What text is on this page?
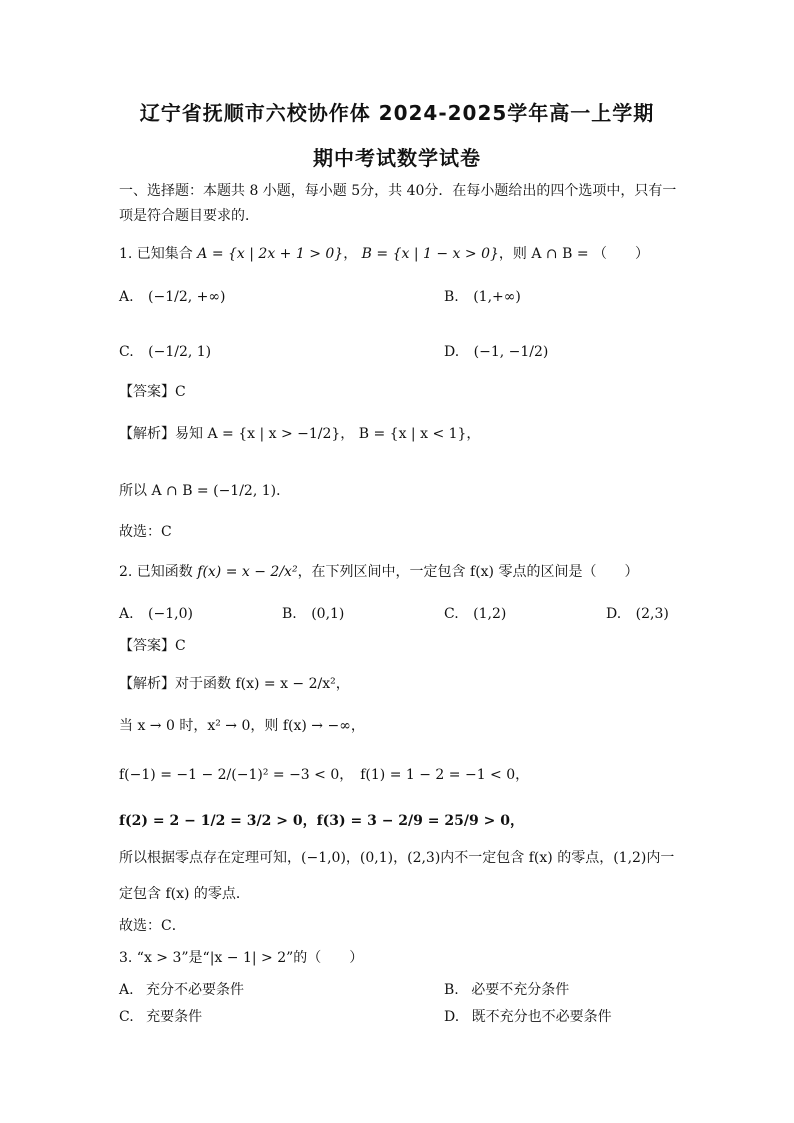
辽宁省抚顺市六校协作体 2024-2025学年高一上学期
期中考试数学试卷
一、选择题：本题共 8 小题，每小题 5分，共 40分．在每小题给出的四个选项中，只有一
项是符合题目要求的．
1. 已知集合 A = {x | 2x + 1 > 0}， B = {x | 1 − x > 0}，则 A ∩ B = （　　）
A. (−1/2, +∞)	B. (1,+∞)
C. (−1/2, 1)	D. (−1, −1/2)
【答案】C
【解析】易知 A = {x | x > −1/2}， B = {x | x < 1}，
所以 A ∩ B = (−1/2, 1)．
故选：C
2. 已知函数 f(x) = x − 2/x²，在下列区间中，一定包含 f(x) 零点的区间是（　　）
A. (−1,0)	B. (0,1)	C. (1,2)	D. (2,3)
【答案】C
【解析】对于函数 f(x) = x − 2/x²，
当 x → 0 时，x² → 0，则 f(x) → −∞，
f(−1) = −1 − 2/(−1)² = −3 < 0，　f(1) = 1 − 2 = −1 < 0，
f(2) = 2 − 1/2 = 3/2 > 0，f(3) = 3 − 2/9 = 25/9 > 0，
所以根据零点存在定理可知，(−1,0)，(0,1)，(2,3)内不一定包含 f(x) 的零点，(1,2)内一
定包含 f(x) 的零点．
故选：C．
3. “x > 3”是“|x − 1| > 2”的（　　）
A. 充分不必要条件	B. 必要不充分条件
C. 充要条件	D. 既不充分也不必要条件
